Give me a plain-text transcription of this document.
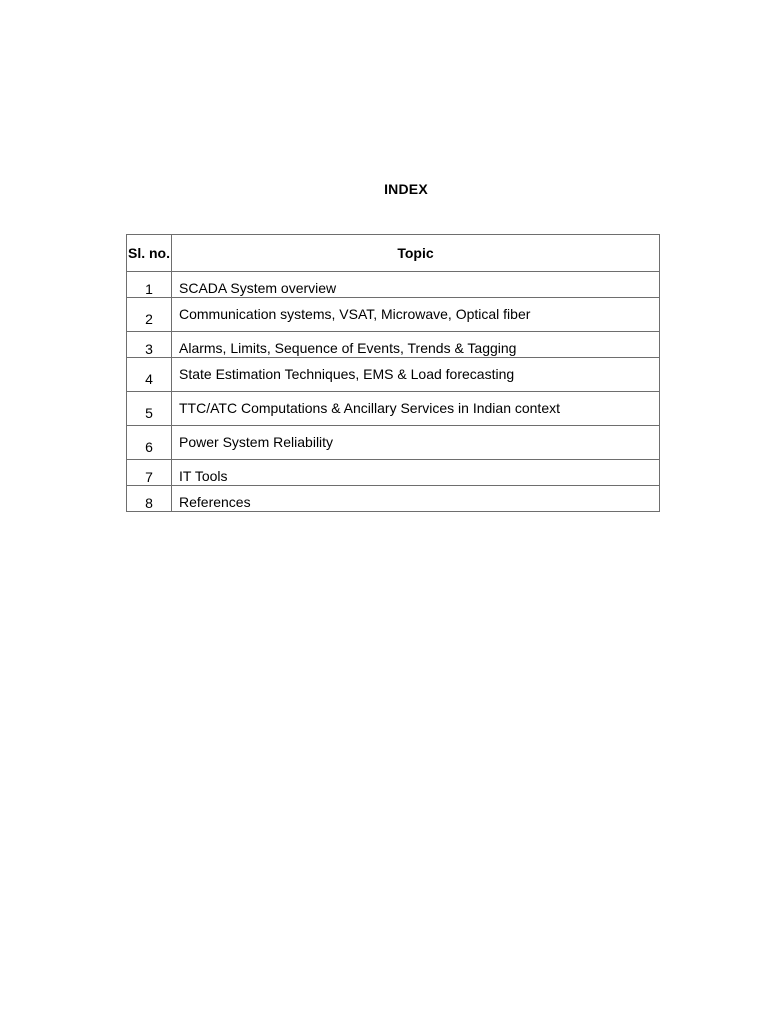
INDEX
Sl. no.	Topic
1	SCADA System overview
2	Communication systems, VSAT, Microwave, Optical fiber
3	Alarms, Limits, Sequence of Events, Trends & Tagging
4	State Estimation Techniques, EMS & Load forecasting
5	TTC/ATC Computations & Ancillary Services in Indian context
6	Power System Reliability
7	IT Tools
8	References
